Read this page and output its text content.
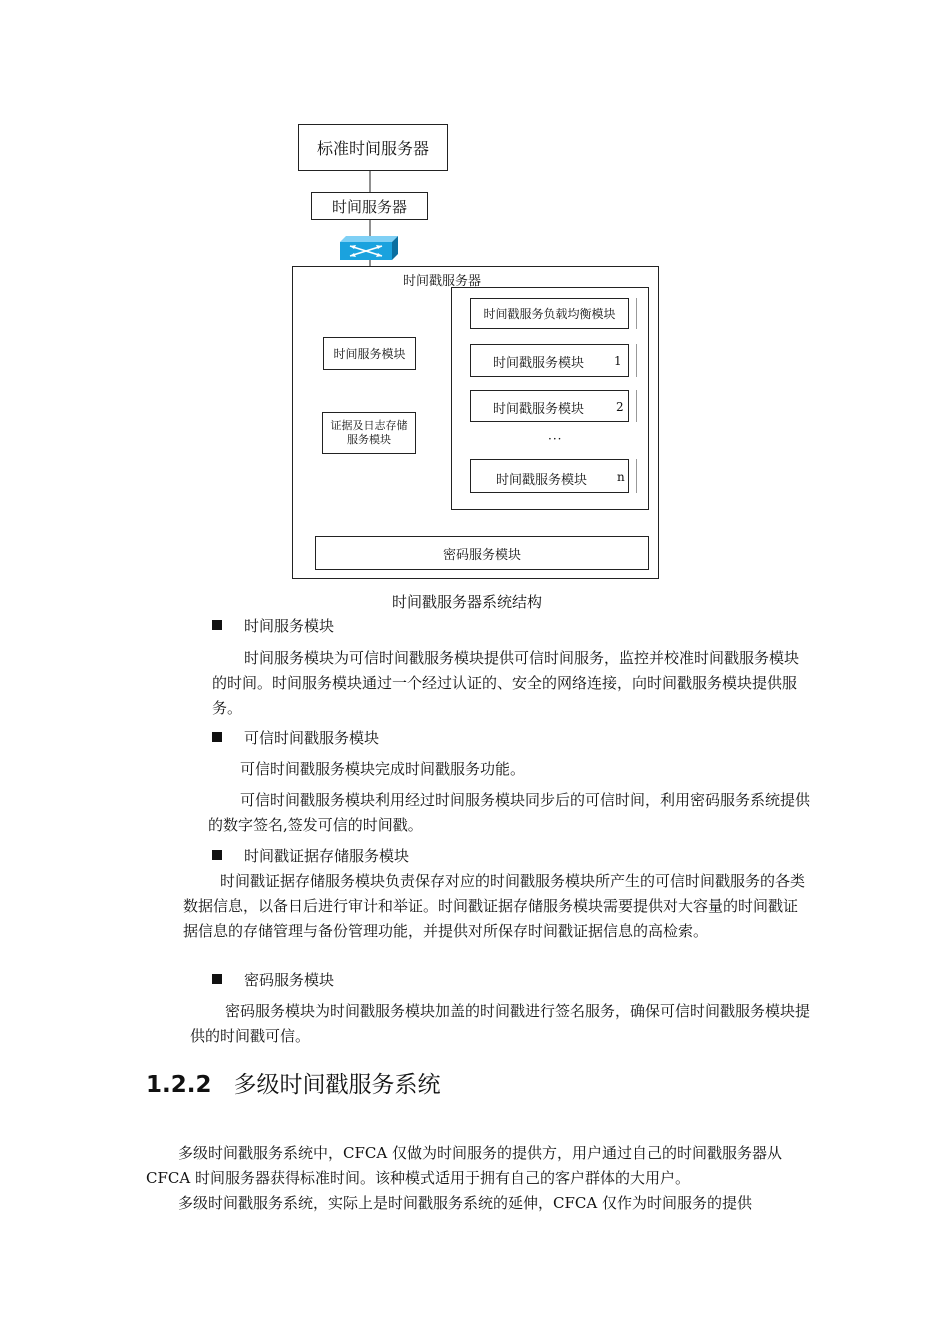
标准时间服务器
时间服务器
时间戳服务器
时间戳服务负载均衡模块
时间服务模块
时间戳服务模块 1
时间戳服务模块	2
证据及日志存储服务模块	···
时间戳服务模块 n
密码服务模块
时间戳服务器系统结构
时间服务模块
时间服务模块为可信时间戳服务模块提供可信时间服务，监控并校准时间戳服务模块的时间。时间服务模块通过一个经过认证的、安全的网络连接，向时间戳服务模块提供服务。
可信时间戳服务模块
可信时间戳服务模块完成时间戳服务功能。
可信时间戳服务模块利用经过时间服务模块同步后的可信时间，利用密码服务系统提供的数字签名,签发可信的时间戳。
时间戳证据存储服务模块
时间戳证据存储服务模块负责保存对应的时间戳服务模块所产生的可信时间戳服务的各类数据信息，以备日后进行审计和举证。时间戳证据存储服务模块需要提供对大容量的时间戳证据信息的存储管理与备份管理功能，并提供对所保存时间戳证据信息的高检索。
密码服务模块
密码服务模块为时间戳服务模块加盖的时间戳进行签名服务，确保可信时间戳服务模块提供的时间戳可信。
1.2.2 多级时间戳服务系统
多级时间戳服务系统中，CFCA 仅做为时间服务的提供方，用户通过自己的时间戳服务器从 CFCA 时间服务器获得标准时间。该种模式适用于拥有自己的客户群体的大用户。
多级时间戳服务系统，实际上是时间戳服务系统的延伸，CFCA 仅作为时间服务的提供
